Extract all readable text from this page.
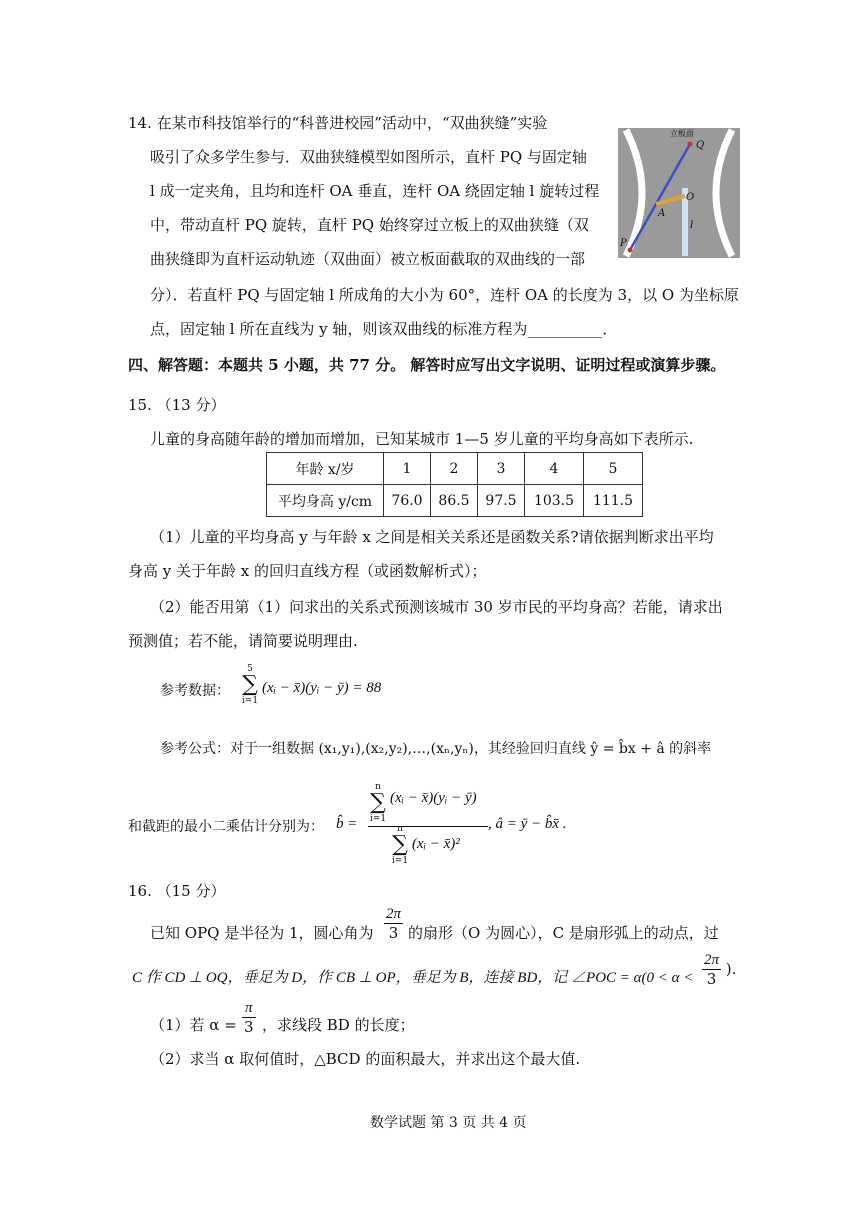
14. 在某市科技馆举行的“科普进校园”活动中，“双曲狭缝”实验
吸引了众多学生参与．双曲狭缝模型如图所示，直杆 PQ 与固定轴
l 成一定夹角，且均和连杆 OA 垂直，连杆 OA 绕固定轴 l 旋转过程
中，带动直杆 PQ 旋转，直杆 PQ 始终穿过立板上的双曲狭缝（双
曲狭缝即为直杆运动轨迹（双曲面）被立板面截取的双曲线的一部
分）．若直杆 PQ 与固定轴 l 所成角的大小为 60°，连杆 OA 的长度为 3，以 O 为坐标原
点，固定轴 l 所在直线为 y 轴，则该双曲线的标准方程为__________．
立板面
Q
O
A
l
P
四、解答题：本题共 5 小题，共 77 分。 解答时应写出文字说明、证明过程或演算步骤。
15. （13 分）
儿童的身高随年龄的增加而增加，已知某城市 1—5 岁儿童的平均身高如下表所示.
年龄 x/岁	1	2	3	4	5
平均身高 y/cm	76.0	86.5	97.5	103.5	111.5
（1）儿童的平均身高 y 与年龄 x 之间是相关关系还是函数关系?请依据判断求出平均
身高 y 关于年龄 x 的回归直线方程（或函数解析式）；
（2）能否用第（1）问求出的关系式预测该城市 30 岁市民的平均身高？若能，请求出
预测值；若不能，请简要说明理由.
参考数据：
5
∑
i=1
(xᵢ − x̄)(yᵢ − ȳ) = 88
参考公式：对于一组数据 (x₁,y₁),(x₂,y₂),…,(xₙ,yₙ)，其经验回归直线 ŷ = b̂x + â 的斜率
和截距的最小二乘估计分别为： b̂ =
n
∑
i=1
(xᵢ − x̄)(yᵢ − ȳ)
n
∑
i=1
(xᵢ − x̄)²
, â = ȳ − b̂x̄ .
16. （15 分）
已知 OPQ 是半径为 1，圆心角为 $\frac{2\pi}{3}$ 的扇形（O 为圆心），C 是扇形弧上的动点，过
C 作 CD ⊥ OQ，垂足为 D，作 CB ⊥ OP，垂足为 B，连接 BD，记 ∠POC = $\alpha(0 < \alpha < \frac{2\pi}{3}$ ).
（1）若 $\alpha = \frac{\pi}{3}$ ，求线段 BD 的长度；
（2）求当 α 取何值时，△BCD 的面积最大，并求出这个最大值.
数学试题 第 3 页 共 4 页
